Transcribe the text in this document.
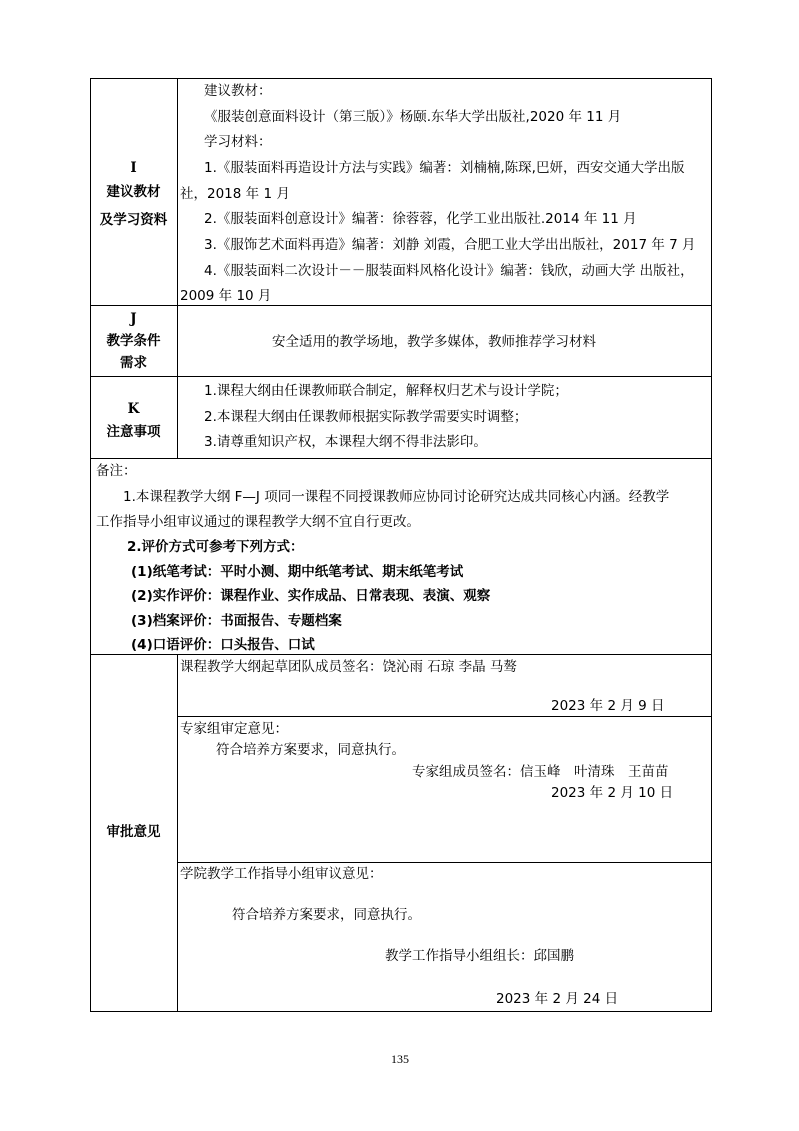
I
建议教材
及学习资料
建议教材：
《服装创意面料设计（第三版）》杨颐.东华大学出版社,2020 年 11 月
学习材料：
1.《服装面料再造设计方法与实践》编著：刘楠楠,陈琛,巴妍，西安交通大学出版
社，2018 年 1 月
2.《服装面料创意设计》编著：徐蓉蓉，化学工业出版社.2014 年 11 月
3.《服饰艺术面料再造》编著：刘静 刘霞，合肥工业大学出出版社，2017 年 7 月
4.《服装面料二次设计－－服装面料风格化设计》编著：钱欣，动画大学 出版社，
2009 年 10 月
J
教学条件
需求
安全适用的教学场地，教学多媒体，教师推荐学习材料
K
注意事项
1.课程大纲由任课教师联合制定，解释权归艺术与设计学院；
2.本课程大纲由任课教师根据实际教学需要实时调整；
3.请尊重知识产权，本课程大纲不得非法影印。
备注：
1.本课程教学大纲 F—J 项同一课程不同授课教师应协同讨论研究达成共同核心内涵。经教学
工作指导小组审议通过的课程教学大纲不宜自行更改。
2.评价方式可参考下列方式：
(1)纸笔考试：平时小测、期中纸笔考试、期末纸笔考试
(2)实作评价：课程作业、实作成品、日常表现、表演、观察
(3)档案评价：书面报告、专题档案
(4)口语评价：口头报告、口试
审批意见
课程教学大纲起草团队成员签名：饶沁雨 石琼 李晶 马骜
2023 年 2 月 9 日
专家组审定意见：
符合培养方案要求，同意执行。
专家组成员签名：信玉峰　叶清珠　王苗苗
2023 年 2 月 10 日
学院教学工作指导小组审议意见：
符合培养方案要求，同意执行。
教学工作指导小组组长：邱国鹏
2023 年 2 月 24 日
135
